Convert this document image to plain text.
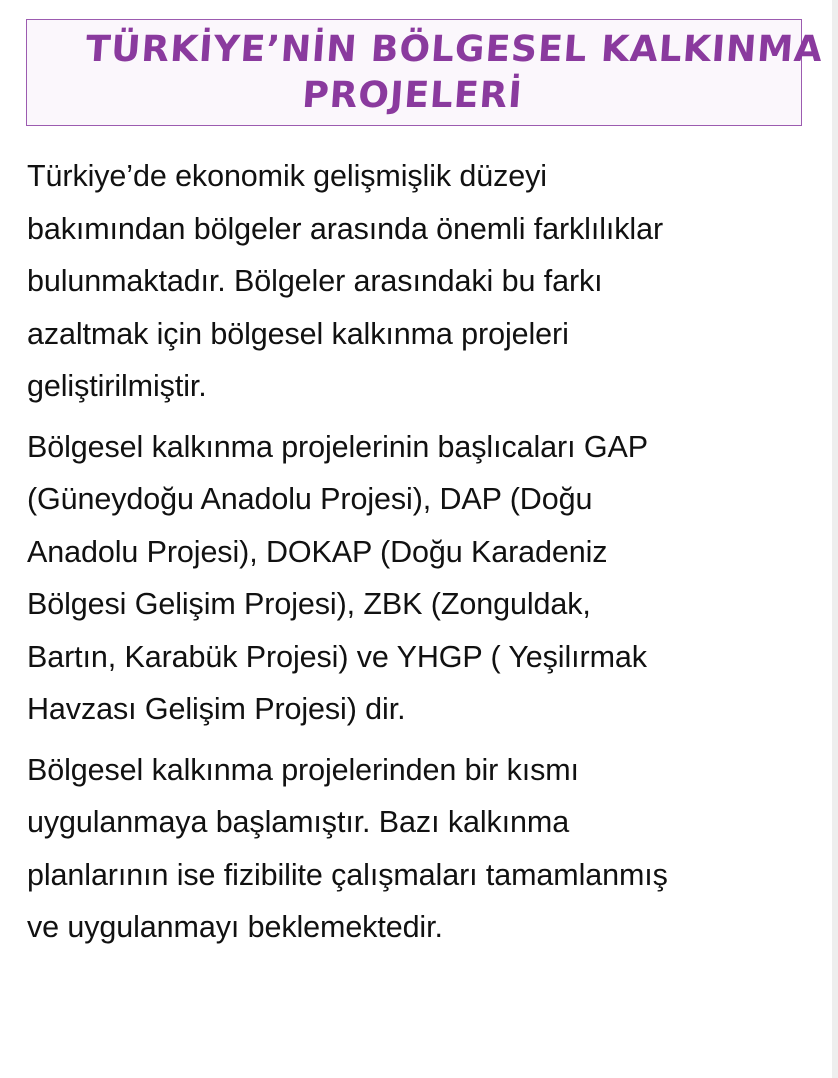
TÜRKİYE’NİN BÖLGESEL KALKINMA
PROJELERİ

Türkiye’de ekonomik gelişmişlik düzeyi
bakımından bölgeler arasında önemli farklılıklar
bulunmaktadır. Bölgeler arasındaki bu farkı
azaltmak için bölgesel kalkınma projeleri
geliştirilmiştir.

Bölgesel kalkınma projelerinin başlıcaları GAP
(Güneydoğu Anadolu Projesi), DAP (Doğu
Anadolu Projesi), DOKAP (Doğu Karadeniz
Bölgesi Gelişim Projesi), ZBK (Zonguldak,
Bartın, Karabük Projesi) ve YHGP ( Yeşilırmak
Havzası Gelişim Projesi) dir.

Bölgesel kalkınma projelerinden bir kısmı
uygulanmaya başlamıştır. Bazı kalkınma
planlarının ise fizibilite çalışmaları tamamlanmış
ve uygulanmayı beklemektedir.
